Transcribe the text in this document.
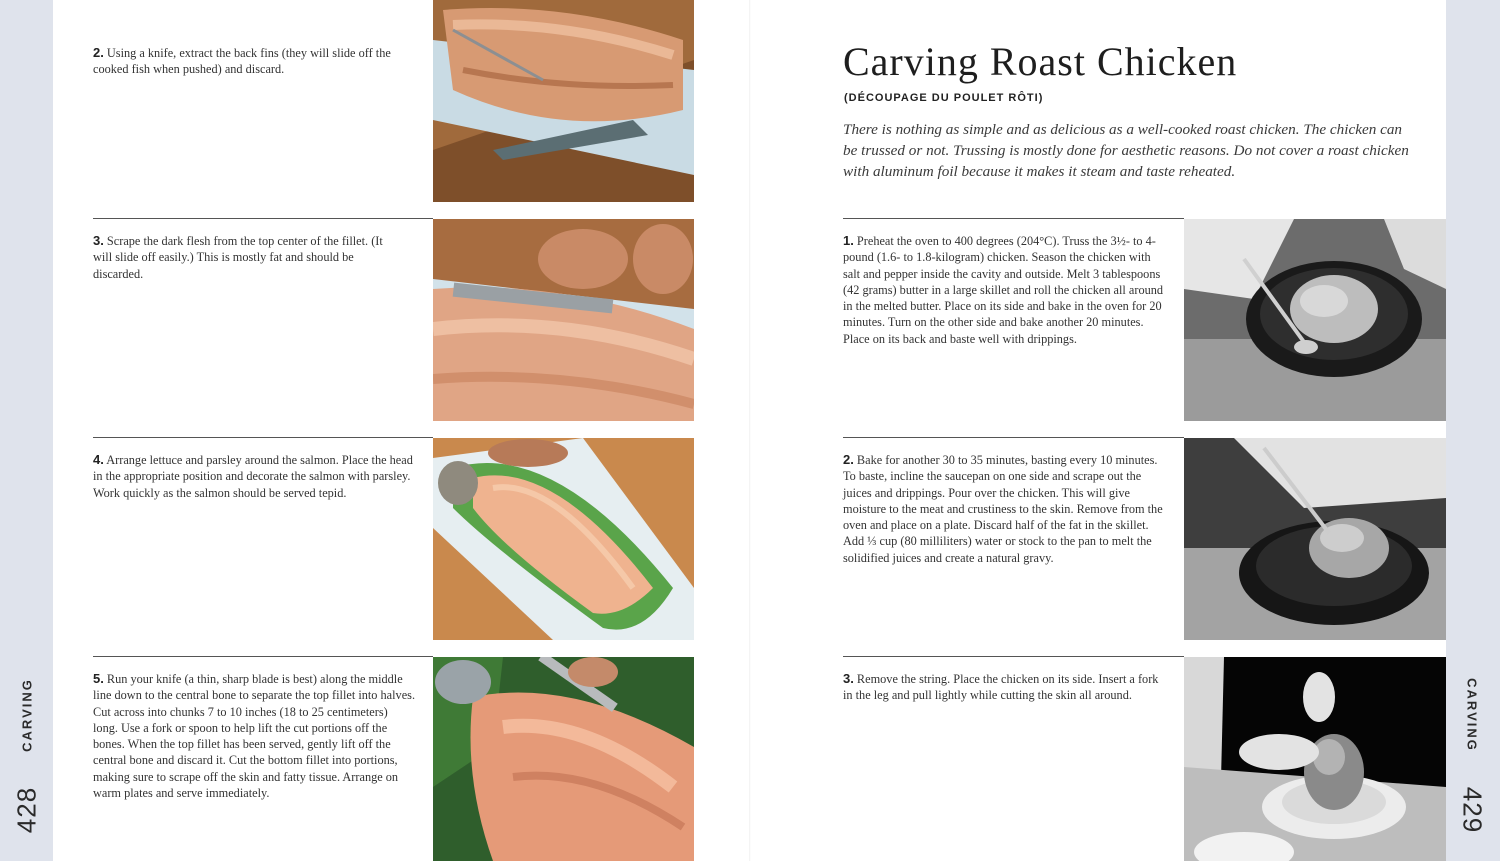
2. Using a knife, extract the back fins (they will slide off the cooked fish when pushed) and discard.
3. Scrape the dark flesh from the top center of the fillet. (It will slide off easily.) This is mostly fat and should be discarded.
4. Arrange lettuce and parsley around the salmon. Place the head in the appropriate position and decorate the salmon with parsley. Work quickly as the salmon should be served tepid.
5. Run your knife (a thin, sharp blade is best) along the middle line down to the central bone to separate the top fillet into halves. Cut across into chunks 7 to 10 inches (18 to 25 centimeters) long. Use a fork or spoon to help lift the cut portions off the bones. When the top fillet has been served, gently lift off the central bone and discard it. Cut the bottom fillet into portions, making sure to scrape off the skin and fatty tissue. Arrange on warm plates and serve immediately.
Carving Roast Chicken
(DÉCOUPAGE DU POULET RÔTI)
There is nothing as simple and as delicious as a well-cooked roast chicken. The chicken can be trussed or not. Trussing is mostly done for aesthetic reasons. Do not cover a roast chicken with aluminum foil because it makes it steam and taste reheated.
1. Preheat the oven to 400 degrees (204°C). Truss the 3½- to 4-pound (1.6- to 1.8-kilogram) chicken. Season the chicken with salt and pepper inside the cavity and outside. Melt 3 tablespoons (42 grams) butter in a large skillet and roll the chicken all around in the melted butter. Place on its side and bake in the oven for 20 minutes. Turn on the other side and bake another 20 minutes. Place on its back and baste well with drippings.
2. Bake for another 30 to 35 minutes, basting every 10 minutes. To baste, incline the saucepan on one side and scrape out the juices and drippings. Pour over the chicken. This will give moisture to the meat and crustiness to the skin. Remove from the oven and place on a plate. Discard half of the fat in the skillet. Add ⅓ cup (80 milliliters) water or stock to the pan to melt the solidified juices and create a natural gravy.
3. Remove the string. Place the chicken on its side. Insert a fork in the leg and pull lightly while cutting the skin all around.
CARVING
428
CARVING
429
